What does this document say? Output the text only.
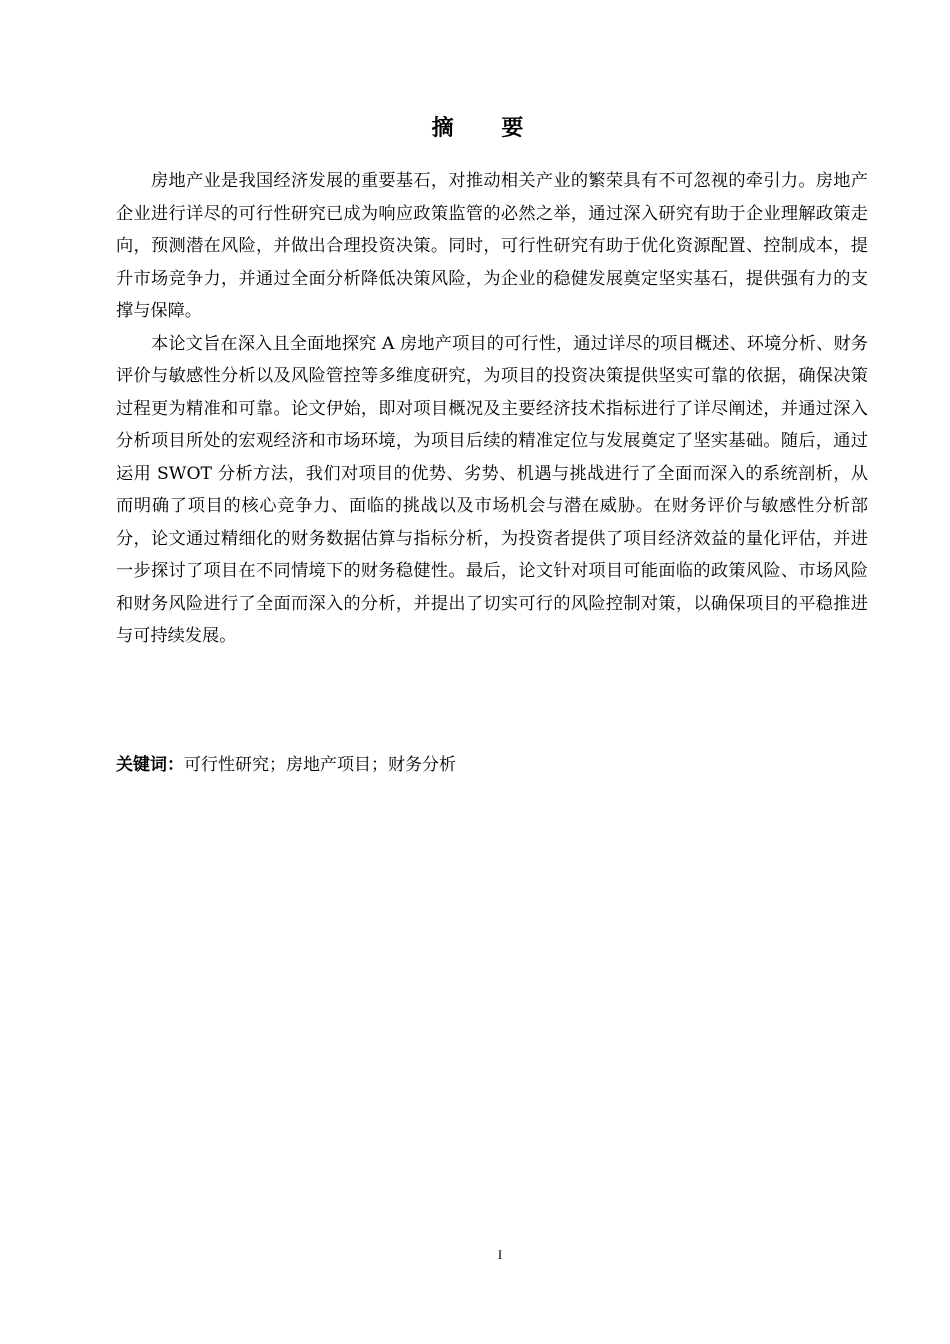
摘 要

房地产业是我国经济发展的重要基石，对推动相关产业的繁荣具有不可忽视的牵引力。房地产企业进行详尽的可行性研究已成为响应政策监管的必然之举，通过深入研究有助于企业理解政策走向，预测潜在风险，并做出合理投资决策。同时，可行性研究有助于优化资源配置、控制成本，提升市场竞争力，并通过全面分析降低决策风险，为企业的稳健发展奠定坚实基石，提供强有力的支撑与保障。

本论文旨在深入且全面地探究 A 房地产项目的可行性，通过详尽的项目概述、环境分析、财务评价与敏感性分析以及风险管控等多维度研究，为项目的投资决策提供坚实可靠的依据，确保决策过程更为精准和可靠。论文伊始，即对项目概况及主要经济技术指标进行了详尽阐述，并通过深入分析项目所处的宏观经济和市场环境，为项目后续的精准定位与发展奠定了坚实基础。随后，通过运用 SWOT 分析方法，我们对项目的优势、劣势、机遇与挑战进行了全面而深入的系统剖析，从而明确了项目的核心竞争力、面临的挑战以及市场机会与潜在威胁。在财务评价与敏感性分析部分，论文通过精细化的财务数据估算与指标分析，为投资者提供了项目经济效益的量化评估，并进一步探讨了项目在不同情境下的财务稳健性。最后，论文针对项目可能面临的政策风险、市场风险和财务风险进行了全面而深入的分析，并提出了切实可行的风险控制对策，以确保项目的平稳推进与可持续发展。

关键词：可行性研究；房地产项目；财务分析
I
